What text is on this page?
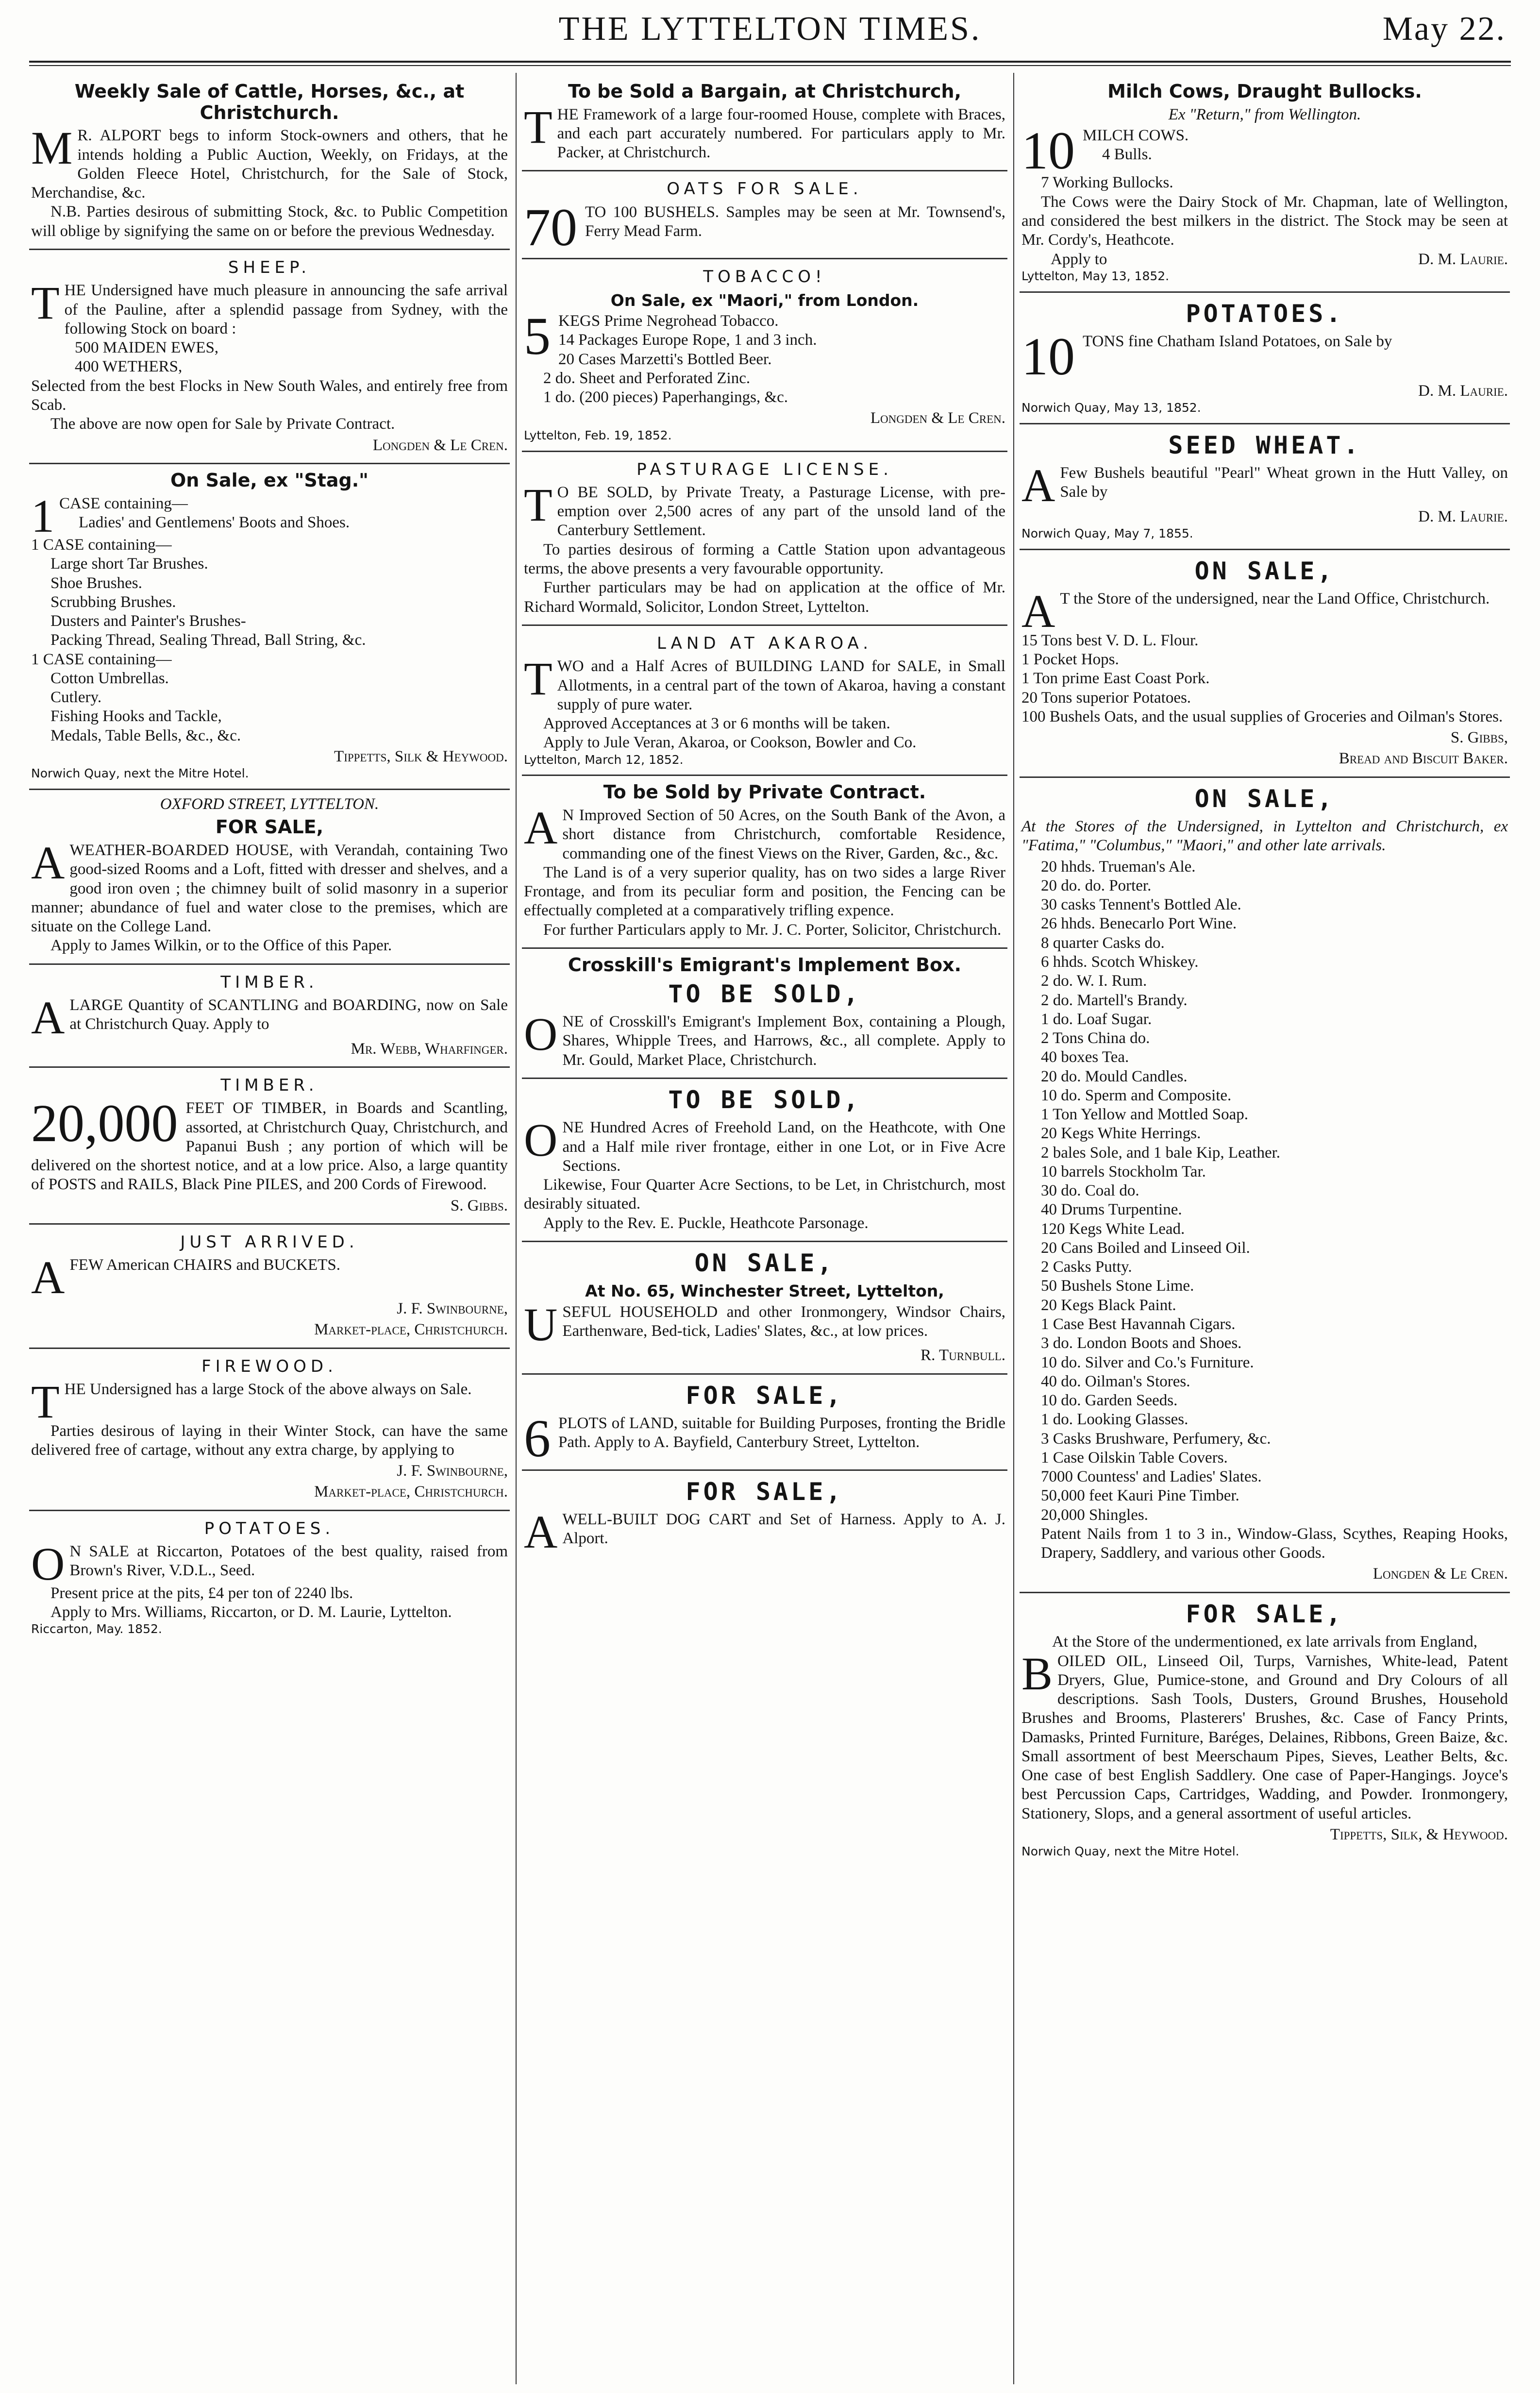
THE LYTTELTON TIMES.	May 22.
Weekly Sale of Cattle, Horses, &c., at Christchurch.

M R. ALPORT begs to inform Stock-owners and others, that he intends holding a Public Auction, Weekly, on Fridays, at the Golden Fleece Hotel, Christchurch, for the Sale of Stock, Merchandise, &c.

N.B. Parties desirous of submitting Stock, &c. to Public Competition will oblige by signifying the same on or before the previous Wednesday.

SHEEP.

THE Undersigned have much pleasure in announcing the safe arrival of the Pauline, after a splendid passage from Sydney, with the following Stock on board :

500 MAIDEN EWES,
400 WETHERS,

Selected from the best Flocks in New South Wales, and entirely free from Scab.

The above are now open for Sale by Private Contract.

Longden & Le Cren.
On Sale, ex "Stag."
1 CASE containing—
Ladies' and Gentlemens' Boots and Shoes.
1 CASE containing—
Large short Tar Brushes.
Shoe Brushes.
Scrubbing Brushes.
Dusters and Painter's Brushes-
Packing Thread, Sealing Thread, Ball String, &c.
1 CASE containing—
Cotton Umbrellas.
Cutlery.
Fishing Hooks and Tackle,
Medals, Table Bells, &c., &c.
Tippetts, Silk & Heywood.
Norwich Quay, next the Mitre Hotel.
OXFORD STREET, LYTTELTON.
FOR SALE,

AWEATHER-BOARDED HOUSE, with Verandah, containing Two good-sized Rooms and a Loft, fitted with dresser and shelves, and a good iron oven ; the chimney built of solid masonry in a superior manner; abundance of fuel and water close to the premises, which are situate on the College Land.

Apply to James Wilkin, or to the Office of this Paper.

TIMBER.

ALARGE Quantity of SCANTLING and BOARDING, now on Sale at Christchurch Quay. Apply to

Mr. Webb, Wharfinger.
TIMBER.

20,000 FEET OF TIMBER, in Boards and Scantling, assorted, at Christchurch Quay, Christchurch, and Papanui Bush ; any portion of which will be delivered on the shortest notice, and at a low price. Also, a large quantity of POSTS and RAILS, Black Pine PILES, and 200 Cords of Firewood.

S. Gibbs.
JUST ARRIVED.

AFEW American CHAIRS and BUCKETS.

J. F. Swinbourne,
Market-place, Christchurch.
FIREWOOD.

THE Undersigned has a large Stock of the above always on Sale.

Parties desirous of laying in their Winter Stock, can have the same delivered free of cartage, without any extra charge, by applying to

J. F. Swinbourne,
Market-place, Christchurch.
POTATOES.

O N SALE at Riccarton, Potatoes of the best quality, raised from Brown's River, V.D.L., Seed.

Present price at the pits, £4 per ton of 2240 lbs.

Apply to Mrs. Williams, Riccarton, or D. M. Laurie, Lyttelton.

Riccarton, May. 1852.
To be Sold a Bargain, at Christchurch,

THE Framework of a large four-roomed House, complete with Braces, and each part accurately numbered. For particulars apply to Mr. Packer, at Christchurch.

OATS FOR SALE.

70 TO 100 BUSHELS. Samples may be seen at Mr. Townsend's, Ferry Mead Farm.

TOBACCO!
On Sale, ex "Maori," from London.
5 KEGS Prime Negrohead Tobacco.
14 Packages Europe Rope, 1 and 3 inch.
20 Cases Marzetti's Bottled Beer.
2 do. Sheet and Perforated Zinc.
1 do. (200 pieces) Paperhangings, &c.
Longden & Le Cren.
Lyttelton, Feb. 19, 1852.
PASTURAGE LICENSE.

T O BE SOLD, by Private Treaty, a Pasturage License, with pre-emption over 2,500 acres of any part of the unsold land of the Canterbury Settlement.

To parties desirous of forming a Cattle Station upon advantageous terms, the above presents a very favourable opportunity.

Further particulars may be had on application at the office of Mr. Richard Wormald, Solicitor, London Street, Lyttelton.

LAND AT AKAROA.

TWO and a Half Acres of BUILDING LAND for SALE, in Small Allotments, in a central part of the town of Akaroa, having a constant supply of pure water.

Approved Acceptances at 3 or 6 months will be taken.

Apply to Jule Veran, Akaroa, or Cookson, Bowler and Co.

Lyttelton, March 12, 1852.
To be Sold by Private Contract.

A N Improved Section of 50 Acres, on the South Bank of the Avon, a short distance from Christchurch, comfortable Residence, commanding one of the finest Views on the River, Garden, &c., &c.

The Land is of a very superior quality, has on two sides a large River Frontage, and from its peculiar form and position, the Fencing can be effectually completed at a comparatively trifling expence.

For further Particulars apply to Mr. J. C. Porter, Solicitor, Christchurch.

Crosskill's Emigrant's Implement Box.
TO BE SOLD,

ONE of Crosskill's Emigrant's Implement Box, containing a Plough, Shares, Whipple Trees, and Harrows, &c., all complete. Apply to Mr. Gould, Market Place, Christchurch.

TO BE SOLD,

ONE Hundred Acres of Freehold Land, on the Heathcote, with One and a Half mile river frontage, either in one Lot, or in Five Acre Sections.

Likewise, Four Quarter Acre Sections, to be Let, in Christchurch, most desirably situated.

Apply to the Rev. E. Puckle, Heathcote Parsonage.

ON SALE,
At No. 65, Winchester Street, Lyttelton,

USEFUL HOUSEHOLD and other Ironmongery, Windsor Chairs, Earthenware, Bed-tick, Ladies' Slates, &c., at low prices.

R. Turnbull.
FOR SALE,

6 PLOTS of LAND, suitable for Building Purposes, fronting the Bridle Path. Apply to A. Bayfield, Canterbury Street, Lyttelton.

FOR SALE,

AWELL-BUILT DOG CART and Set of Harness. Apply to A. J. Alport.

Milch Cows, Draught Bullocks.
Ex "Return," from Wellington.
10 MILCH COWS.
4 Bulls.
7 Working Bullocks.

The Cows were the Dairy Stock of Mr. Chapman, late of Wellington, and considered the best milkers in the district. The Stock may be seen at Mr. Cordy's, Heathcote.

Apply to	D. M. Laurie.
Lyttelton, May 13, 1852.
POTATOES.

10 TONS fine Chatham Island Potatoes, on Sale by

D. M. Laurie.
Norwich Quay, May 13, 1852.
SEED WHEAT.

A Few Bushels beautiful "Pearl" Wheat grown in the Hutt Valley, on Sale by

D. M. Laurie.
Norwich Quay, May 7, 1855.
ON SALE,

A T the Store of the undersigned, near the Land Office, Christchurch.

15 Tons best V. D. L. Flour.
1 Pocket Hops.
1 Ton prime East Coast Pork.
20 Tons superior Potatoes.
100 Bushels Oats, and the usual supplies of Groceries and Oilman's Stores.
S. Gibbs,
Bread and Biscuit Baker.
ON SALE,
At the Stores of the Undersigned, in Lyttelton and Christchurch, ex "Fatima," "Columbus," "Maori," and other late arrivals.
20 hhds. Trueman's Ale.
20 do. do. Porter.
30 casks Tennent's Bottled Ale.
26 hhds. Benecarlo Port Wine.
8 quarter Casks do.
6 hhds. Scotch Whiskey.
2 do. W. I. Rum.
2 do. Martell's Brandy.
1 do. Loaf Sugar.
2 Tons China do.
40 boxes Tea.
20 do. Mould Candles.
10 do. Sperm and Composite.
1 Ton Yellow and Mottled Soap.
20 Kegs White Herrings.
2 bales Sole, and 1 bale Kip, Leather.
10 barrels Stockholm Tar.
30 do. Coal do.
40 Drums Turpentine.
120 Kegs White Lead.
20 Cans Boiled and Linseed Oil.
2 Casks Putty.
50 Bushels Stone Lime.
20 Kegs Black Paint.
1 Case Best Havannah Cigars.
3 do. London Boots and Shoes.
10 do. Silver and Co.'s Furniture.
40 do. Oilman's Stores.
10 do. Garden Seeds.
1 do. Looking Glasses.
3 Casks Brushware, Perfumery, &c.
1 Case Oilskin Table Covers.
7000 Countess' and Ladies' Slates.
50,000 feet Kauri Pine Timber.
20,000 Shingles.

Patent Nails from 1 to 3 in., Window-Glass, Scythes, Reaping Hooks, Drapery, Saddlery, and various other Goods.

Longden & Le Cren.
FOR SALE,

At the Store of the undermentioned, ex late arrivals from England,

BOILED OIL, Linseed Oil, Turps, Varnishes, White-lead, Patent Dryers, Glue, Pumice-stone, and Ground and Dry Colours of all descriptions. Sash Tools, Dusters, Ground Brushes, Household Brushes and Brooms, Plasterers' Brushes, &c. Case of Fancy Prints, Damasks, Printed Furniture, Baréges, Delaines, Ribbons, Green Baize, &c. Small assortment of best Meerschaum Pipes, Sieves, Leather Belts, &c. One case of best English Saddlery. One case of Paper-Hangings. Joyce's best Percussion Caps, Cartridges, Wadding, and Powder. Ironmongery, Stationery, Slops, and a general assortment of useful articles.

Tippetts, Silk, & Heywood.
Norwich Quay, next the Mitre Hotel.
